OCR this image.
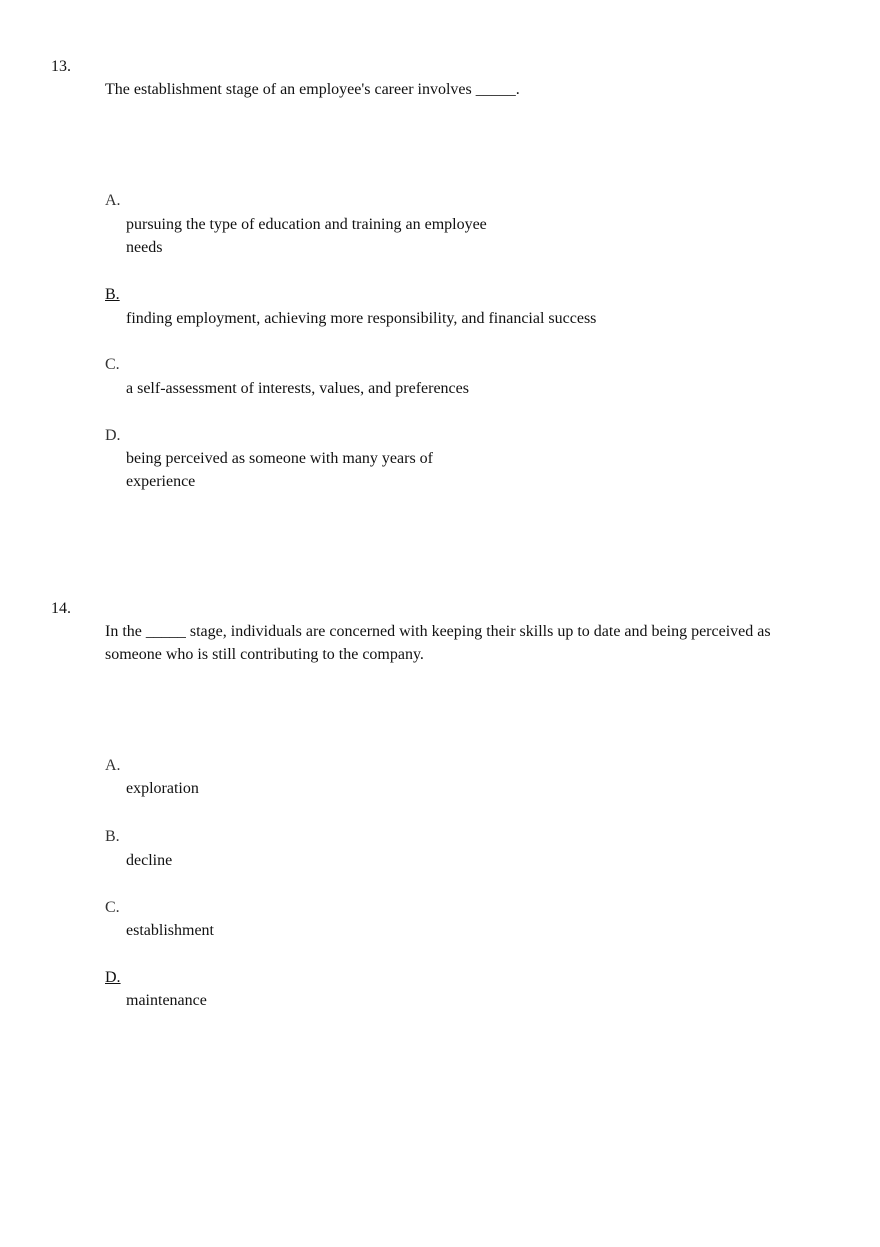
13.

The establishment stage of an employee's career involves _____.

A.

pursuing the type of education and training an employee needs

B.

finding employment, achieving more responsibility, and financial success

C.

a self-assessment of interests, values, and preferences

D.

being perceived as someone with many years of experience

14.

In the _____ stage, individuals are concerned with keeping their skills up to date and being perceived as someone who is still contributing to the company.

A.

exploration

B.

decline

C.

establishment

D.

maintenance
